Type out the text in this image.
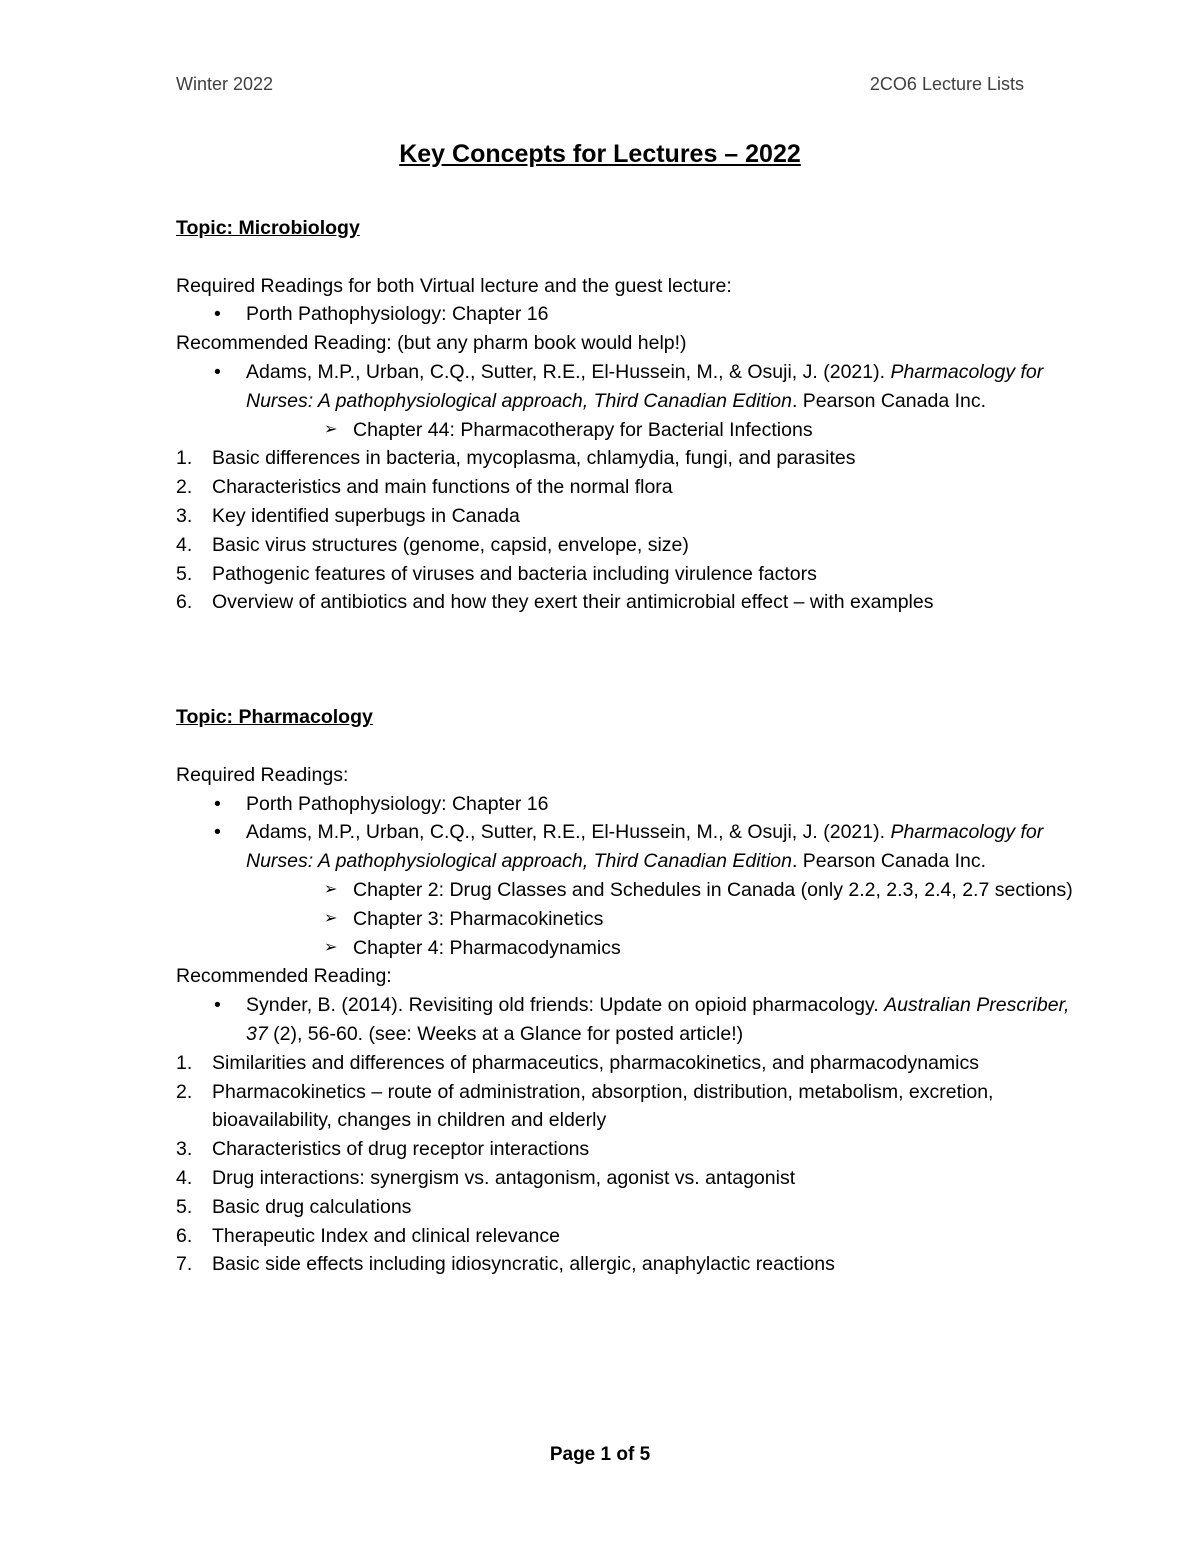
Winter 2022	2CO6 Lecture Lists
Key Concepts for Lectures – 2022

Topic: Microbiology

Required Readings for both Virtual lecture and the guest lecture:

• Porth Pathophysiology: Chapter 16

Recommended Reading: (but any pharm book would help!)

• Adams, M.P., Urban, C.Q., Sutter, R.E., El-Hussein, M., & Osuji, J. (2021). Pharmacology for Nurses: A pathophysiological approach, Third Canadian Edition. Pearson Canada Inc.

➢ Chapter 44: Pharmacotherapy for Bacterial Infections

1. Basic differences in bacteria, mycoplasma, chlamydia, fungi, and parasites

2. Characteristics and main functions of the normal flora

3. Key identified superbugs in Canada

4. Basic virus structures (genome, capsid, envelope, size)

5. Pathogenic features of viruses and bacteria including virulence factors

6. Overview of antibiotics and how they exert their antimicrobial effect – with examples

Topic: Pharmacology

Required Readings:

• Porth Pathophysiology: Chapter 16

• Adams, M.P., Urban, C.Q., Sutter, R.E., El-Hussein, M., & Osuji, J. (2021). Pharmacology for Nurses: A pathophysiological approach, Third Canadian Edition. Pearson Canada Inc.

➢ Chapter 2: Drug Classes and Schedules in Canada (only 2.2, 2.3, 2.4, 2.7 sections)

➢ Chapter 3: Pharmacokinetics

➢ Chapter 4: Pharmacodynamics

Recommended Reading:

• Synder, B. (2014). Revisiting old friends: Update on opioid pharmacology. Australian Prescriber, 37 (2), 56-60. (see: Weeks at a Glance for posted article!)

1. Similarities and differences of pharmaceutics, pharmacokinetics, and pharmacodynamics

2. Pharmacokinetics – route of administration, absorption, distribution, metabolism, excretion, bioavailability, changes in children and elderly

3. Characteristics of drug receptor interactions

4. Drug interactions: synergism vs. antagonism, agonist vs. antagonist

5. Basic drug calculations

6. Therapeutic Index and clinical relevance

7. Basic side effects including idiosyncratic, allergic, anaphylactic reactions

Page 1 of 5
